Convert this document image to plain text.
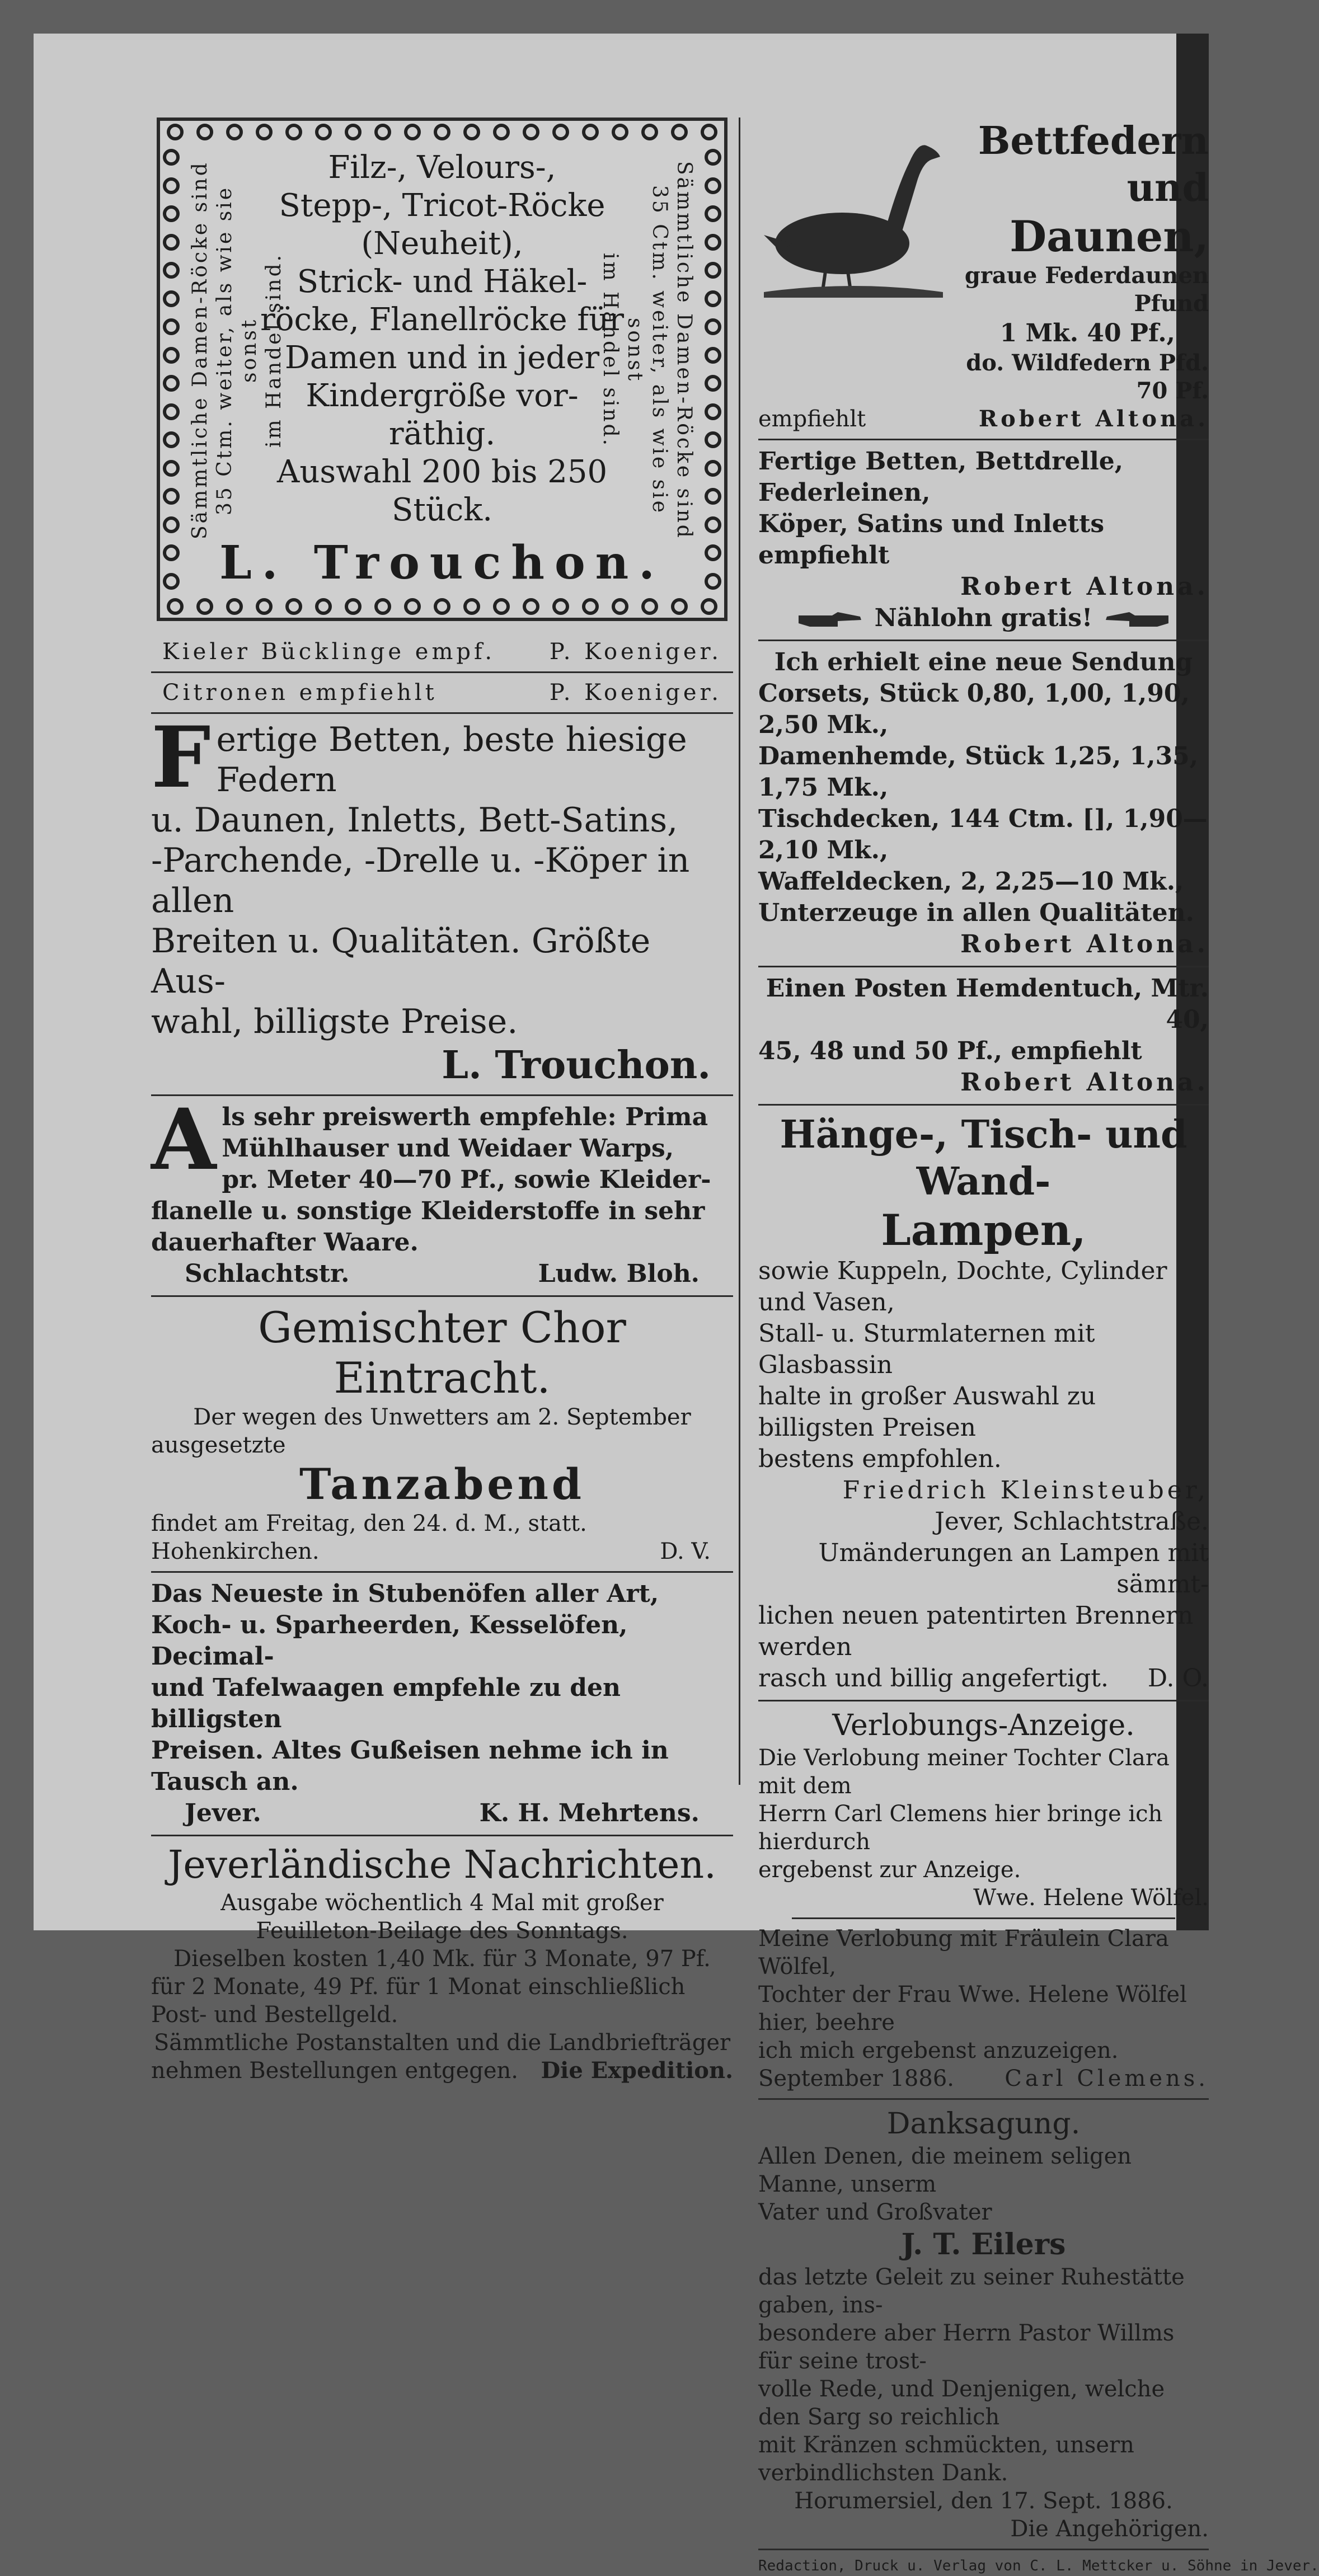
Sämmtliche Damen-Röcke sind 35 Ctm. weiter, als wie sie sonst im Handel sind.	Sämmtliche Damen-Röcke sind
35 Ctm. weiter, als wie sie sonst
im Handel sind.
Filz-, Velours-,
Stepp-, Tricot-Röcke
(Neuheit),
Strick- und Häkel-
röcke, Flanellröcke für
Damen und in jeder
Kindergröße vor-
räthig.
Auswahl 200 bis 250
Stück.
L. Trouchon.
Kieler Bücklinge empf. P. Koeniger.
Citronen empfiehlt	P. Koeniger.
F ertige Betten, beste hiesige Federn
u. Daunen, Inletts, Bett-Satins,
-Parchende, -Drelle u. -Köper in allen
Breiten u. Qualitäten. Größte Aus-
wahl, billigste Preise.
L. Trouchon.
A ls sehr preiswerth empfehle: Prima
Mühlhauser und Weidaer Warps,
pr. Meter 40—70 Pf., sowie Kleider-
flanelle u. sonstige Kleiderstoffe in sehr
dauerhafter Waare.
Schlachtstr.	Ludw. Bloh.
Gemischter Chor Eintracht.
Der wegen des Unwetters am 2. September
ausgesetzte
Tanzabend
findet am Freitag, den 24. d. M., statt.
Hohenkirchen.	D. V.
Das Neueste in Stubenöfen aller Art,
Koch- u. Sparheerden, Kesselöfen, Decimal-
und Tafelwaagen empfehle zu den billigsten
Preisen. Altes Gußeisen nehme ich in
Tausch an.
Jever.	K. H. Mehrtens.
Jeverländische Nachrichten.
Ausgabe wöchentlich 4 Mal mit großer
Feuilleton-Beilage des Sonntags.
Dieselben kosten 1,40 Mk. für 3 Monate, 97 Pf.
für 2 Monate, 49 Pf. für 1 Monat einschließlich
Post- und Bestellgeld.
Sämmtliche Postanstalten und die Landbriefträger
nehmen Bestellungen entgegen. Die Expedition.
Bettfedern und
Daunen,
graue Federdaunen Pfund
1 Mk. 40 Pf.,
do. Wildfedern Pfd. 70 Pf.
empfiehlt	Robert Altona.
Fertige Betten, Bettdrelle, Federleinen,
Köper, Satins und Inletts empfiehlt
Robert Altona.
Nählohn gratis!
Ich erhielt eine neue Sendung
Corsets, Stück 0,80, 1,00, 1,90, 2,50 Mk.,
Damenhemde, Stück 1,25, 1,35, 1,75 Mk.,
Tischdecken, 144 Ctm. [], 1,90—2,10 Mk.,
Waffeldecken, 2, 2,25—10 Mk.,
Unterzeuge in allen Qualitäten.
Robert Altona.
Einen Posten Hemdentuch, Mtr. 40,
45, 48 und 50 Pf., empfiehlt
Robert Altona.
Hänge-, Tisch- und Wand-
Lampen,
sowie Kuppeln, Dochte, Cylinder und Vasen,
Stall- u. Sturmlaternen mit Glasbassin
halte in großer Auswahl zu billigsten Preisen
bestens empfohlen.
Friedrich Kleinsteuber,
Jever, Schlachtstraße.
Umänderungen an Lampen mit sämmt-
lichen neuen patentirten Brennern werden
rasch und billig angefertigt. D. O.
Verlobungs-Anzeige.
Die Verlobung meiner Tochter Clara mit dem
Herrn Carl Clemens hier bringe ich hierdurch
ergebenst zur Anzeige.
Wwe. Helene Wölfel.
Meine Verlobung mit Fräulein Clara Wölfel,
Tochter der Frau Wwe. Helene Wölfel hier, beehre
ich mich ergebenst anzuzeigen.
September 1886. Carl Clemens.
Danksagung.
Allen Denen, die meinem seligen Manne, unserm
Vater und Großvater
J. T. Eilers
das letzte Geleit zu seiner Ruhestätte gaben, ins-
besondere aber Herrn Pastor Willms für seine trost-
volle Rede, und Denjenigen, welche den Sarg so reichlich
mit Kränzen schmückten, unsern verbindlichsten Dank.
Horumersiel, den 17. Sept. 1886.
Die Angehörigen.
Redaction, Druck u. Verlag von C. L. Mettcker u. Söhne in Jever.
